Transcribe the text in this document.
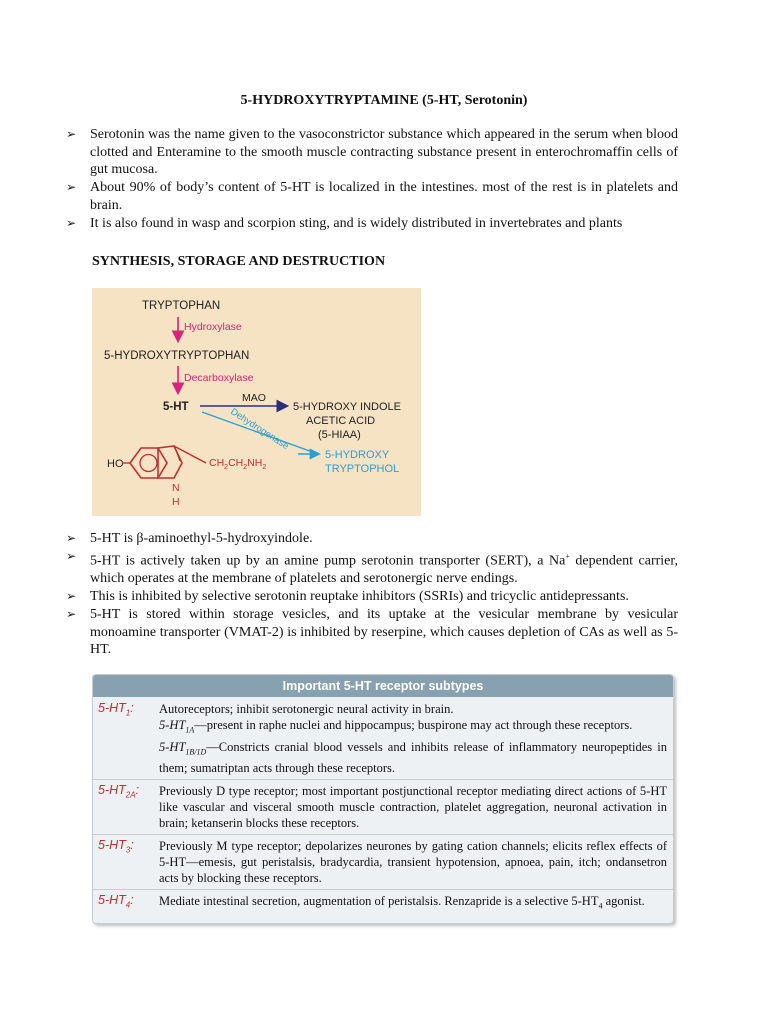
5-HYDROXYTRYPTAMINE (5-HT, Serotonin)
➢ Serotonin was the name given to the vasoconstrictor substance which appeared in the serum when blood clotted and Enteramine to the smooth muscle contracting substance present in enterochromaffin cells of gut mucosa.
➢ About 90% of body’s content of 5-HT is localized in the intestines. most of the rest is in platelets and brain.
➢ It is also found in wasp and scorpion sting, and is widely distributed in invertebrates and plants
SYNTHESIS, STORAGE AND DESTRUCTION
TRYPTOPHAN
Hydroxylase
5-HYDROXYTRYPTOPHAN
Decarboxylase
5-HT
MAO
5-HYDROXY INDOLE
ACETIC ACID
(5-HIAA)
Dehydrogenase
5-HYDROXY
TRYPTOPHOL
HO	$CH_2CH_2NH_2$
N
H
➢ 5-HT is β-aminoethyl-5-hydroxyindole.
➢ 5-HT is actively taken up by an amine pump serotonin transporter (SERT), a Na+ dependent carrier, which operates at the membrane of platelets and serotonergic nerve endings.
➢ This is inhibited by selective serotonin reuptake inhibitors (SSRIs) and tricyclic antidepressants.
➢ 5-HT is stored within storage vesicles, and its uptake at the vesicular membrane by vesicular monoamine transporter (VMAT-2) is inhibited by reserpine, which causes depletion of CAs as well as 5-HT.
Important 5-HT receptor subtypes
$5-HT_1$: Autoreceptors; inhibit serotonergic neural activity in brain.

$5-HT_{1A}—present$ in raphe nuclei and hippocampus; buspirone may act through these receptors.

$5-HT_{1B/1D}—Constricts$ cranial blood vessels and inhibits release of inflammatory neuropeptides in them; sumatriptan acts through these receptors.

$5-HT_{2A}$: Previously D type receptor; most important postjunctional receptor mediating direct actions of 5-HT like vascular and visceral smooth muscle contraction, platelet aggregation, neuronal activation in brain; ketanserin blocks these receptors.

$5-HT_3$: Previously M type receptor; depolarizes neurones by gating cation channels; elicits reflex effects of 5-HT—emesis, gut peristalsis, bradycardia, transient hypotension, apnoea, pain, itch; ondansetron acts by blocking these receptors.

$5-HT_4$: Mediate intestinal secretion, augmentation of peristalsis. Renzapride is a selective $5-HT_4$ agonist.
